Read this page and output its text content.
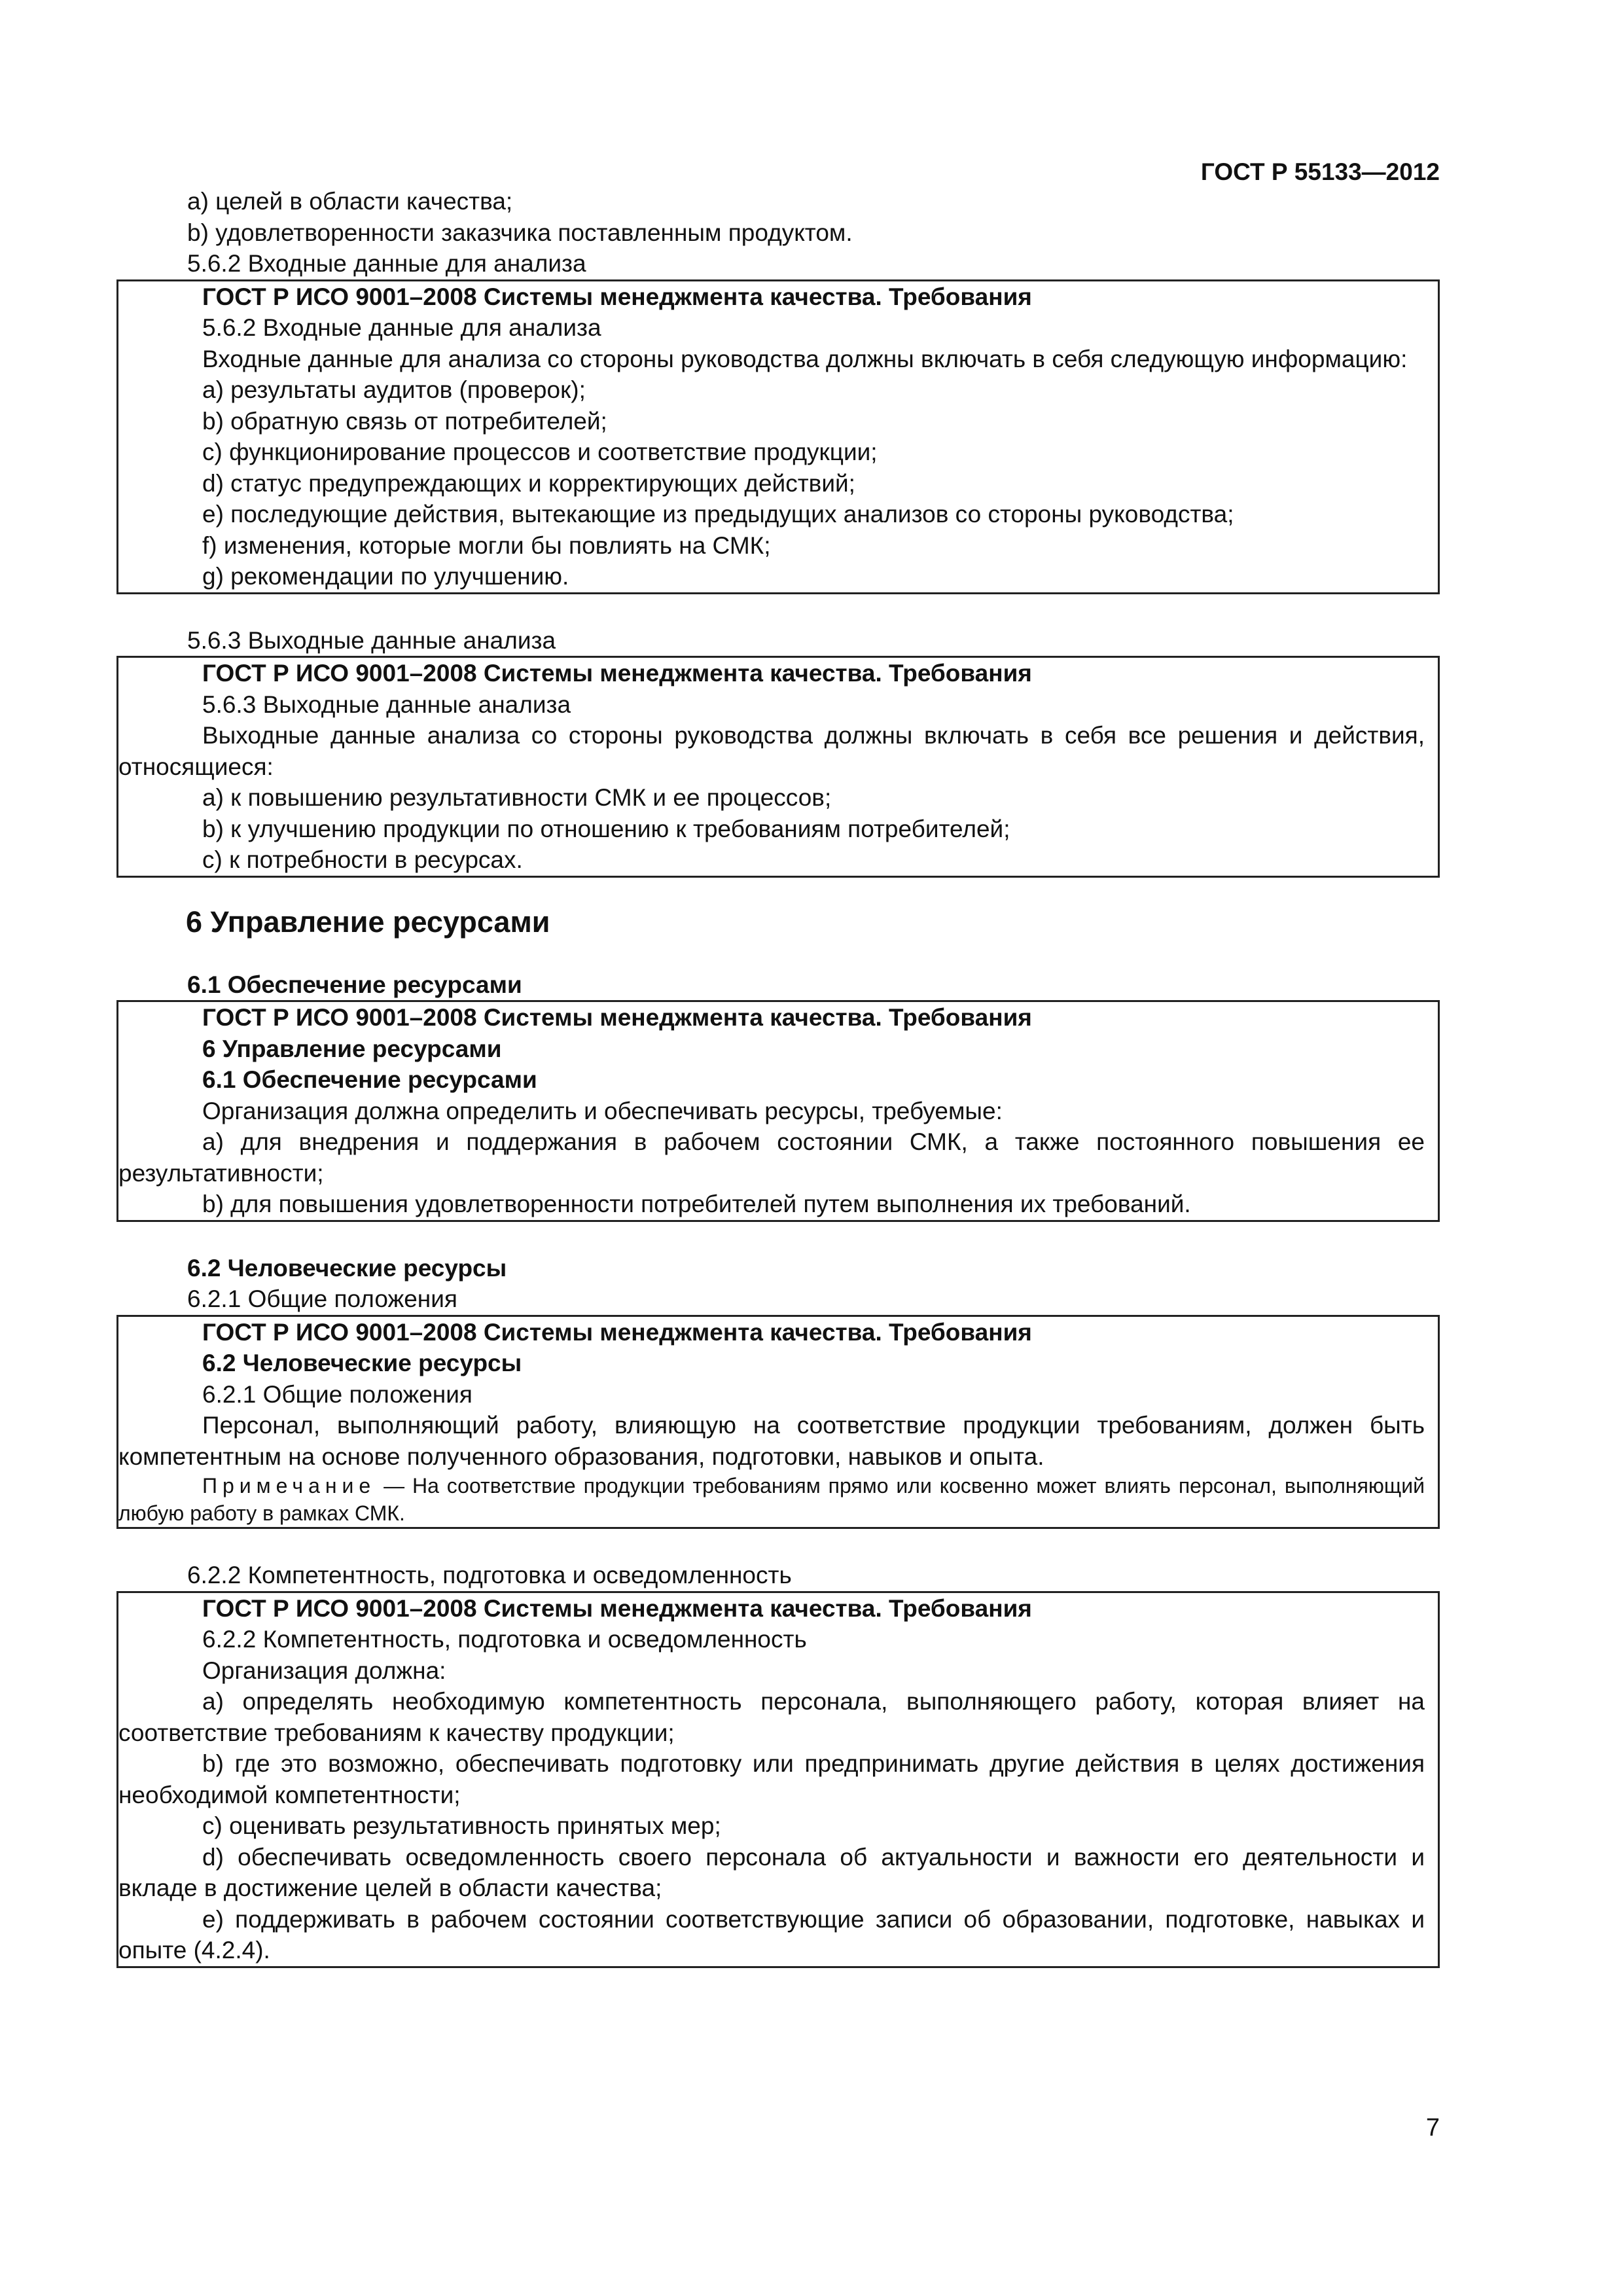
ГОСТ Р 55133—2012
а) целей в области качества;
b) удовлетворенности заказчика поставленным продуктом.
5.6.2 Входные данные для анализа
ГОСТ Р ИСО 9001–2008 Системы менеджмента качества. Требования
5.6.2 Входные данные для анализа
Входные данные для анализа со стороны руководства должны включать в себя следующую информацию:
а) результаты аудитов (проверок);
b) обратную связь от потребителей;
с) функционирование процессов и соответствие продукции;
d) статус предупреждающих и корректирующих действий;
е) последующие действия, вытекающие из предыдущих анализов со стороны руководства;
f) изменения, которые могли бы повлиять на СМК;
g) рекомендации по улучшению.
5.6.3 Выходные данные анализа
ГОСТ Р ИСО 9001–2008 Системы менеджмента качества. Требования
5.6.3 Выходные данные анализа
Выходные данные анализа со стороны руководства должны включать в себя все решения и действия, относящиеся:
а) к повышению результативности СМК и ее процессов;
b) к улучшению продукции по отношению к требованиям потребителей;
с) к потребности в ресурсах.
6 Управление ресурсами
6.1 Обеспечение ресурсами
ГОСТ Р ИСО 9001–2008 Системы менеджмента качества. Требования
6 Управление ресурсами
6.1 Обеспечение ресурсами
Организация должна определить и обеспечивать ресурсы, требуемые:
а) для внедрения и поддержания в рабочем состоянии СМК, а также постоянного повышения ее результативности;
b) для повышения удовлетворенности потребителей путем выполнения их требований.
6.2 Человеческие ресурсы
6.2.1 Общие положения
ГОСТ Р ИСО 9001–2008 Системы менеджмента качества. Требования
6.2 Человеческие ресурсы
6.2.1 Общие положения
Персонал, выполняющий работу, влияющую на соответствие продукции требованиям, должен быть компетентным на основе полученного образования, подготовки, навыков и опыта.
Примечание — На соответствие продукции требованиям прямо или косвенно может влиять персонал, выполняющий любую работу в рамках СМК.
6.2.2 Компетентность, подготовка и осведомленность
ГОСТ Р ИСО 9001–2008 Системы менеджмента качества. Требования
6.2.2 Компетентность, подготовка и осведомленность
Организация должна:
а) определять необходимую компетентность персонала, выполняющего работу, которая влияет на соответствие требованиям к качеству продукции;
b) где это возможно, обеспечивать подготовку или предпринимать другие действия в целях достижения необходимой компетентности;
с) оценивать результативность принятых мер;
d) обеспечивать осведомленность своего персонала об актуальности и важности его деятельности и вкладе в достижение целей в области качества;
е) поддерживать в рабочем состоянии соответствующие записи об образовании, подготовке, навыках и опыте (4.2.4).
7
